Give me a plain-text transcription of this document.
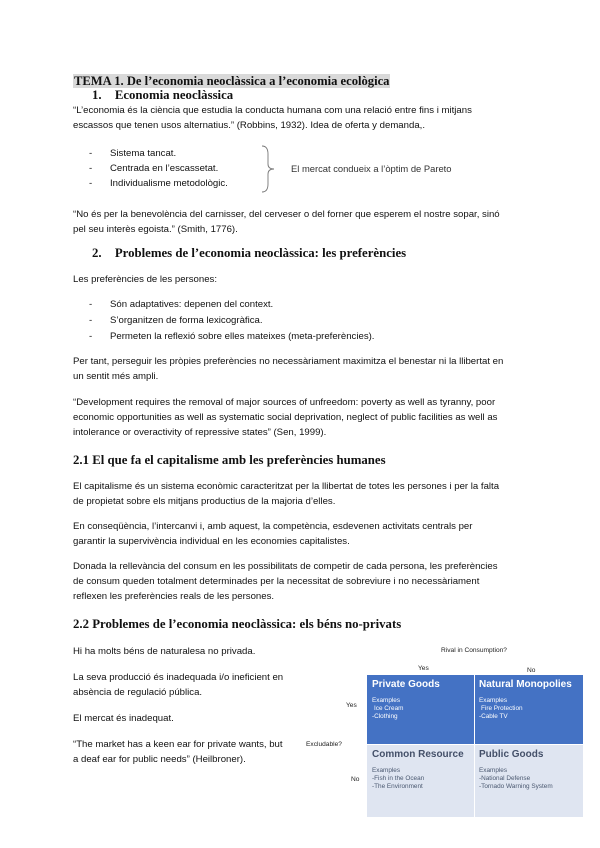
TEMA 1. De l’economia neoclàssica a l’economia ecològica
1. Economia neoclàssica
“L’economia és la ciència que estudia la conducta humana com una relació entre fins i mitjans
escassos que tenen usos alternatius.” (Robbins, 1932). Idea de oferta y demanda,.
- Sistema tancat.
- Centrada en l’escassetat.
- Individualisme metodològic.
El mercat condueix a l’òptim de Pareto
“No és per la benevolència del carnisser, del cerveser o del forner que esperem el nostre sopar, sinó
pel seu interès egoista.” (Smith, 1776).
2. Problemes de l’economia neoclàssica: les preferències
Les preferències de les persones:
- Són adaptatives: depenen del context.
- S’organitzen de forma lexicogràfica.
- Permeten la reflexió sobre elles mateixes (meta-preferències).
Per tant, perseguir les pròpies preferències no necessàriament maximitza el benestar ni la llibertat en
un sentit més ampli.
“Development requires the removal of major sources of unfreedom: poverty as well as tyranny, poor
economic opportunities as well as systematic social deprivation, neglect of public facilities as well as
intolerance or overactivity of repressive states” (Sen, 1999).
2.1 El que fa el capitalisme amb les preferències humanes
El capitalisme és un sistema econòmic caracteritzat per la llibertat de totes les persones i per la falta
de propietat sobre els mitjans productius de la majoria d’elles.
En conseqüència, l’intercanvi i, amb aquest, la competència, esdevenen activitats centrals per
garantir la supervivència individual en les economies capitalistes.
Donada la rellevància del consum en les possibilitats de competir de cada persona, les preferències
de consum queden totalment determinades per la necessitat de sobreviure i no necessàriament
reflexen les preferències reals de les persones.
2.2 Problemes de l’economia neoclàssica: els béns no-privats
Hi ha molts béns de naturalesa no privada.
La seva producció és inadequada i/o ineficient en
absència de regulació pública.
El mercat és inadequat.
“The market has a keen ear for private wants, but
a deaf ear for public needs” (Heilbroner).
Rival in Consumption?
Yes	No
Yes
Excludable?
No
Private Goods
Examples
Ice Cream
-Clothing
Natural Monopolies
Examples
Fire Protection
-Cable TV
Common Resource
Examples
-Fish in the Ocean
-The Environment
Public Goods
Examples
-National Defense
-Tornado Warning System
